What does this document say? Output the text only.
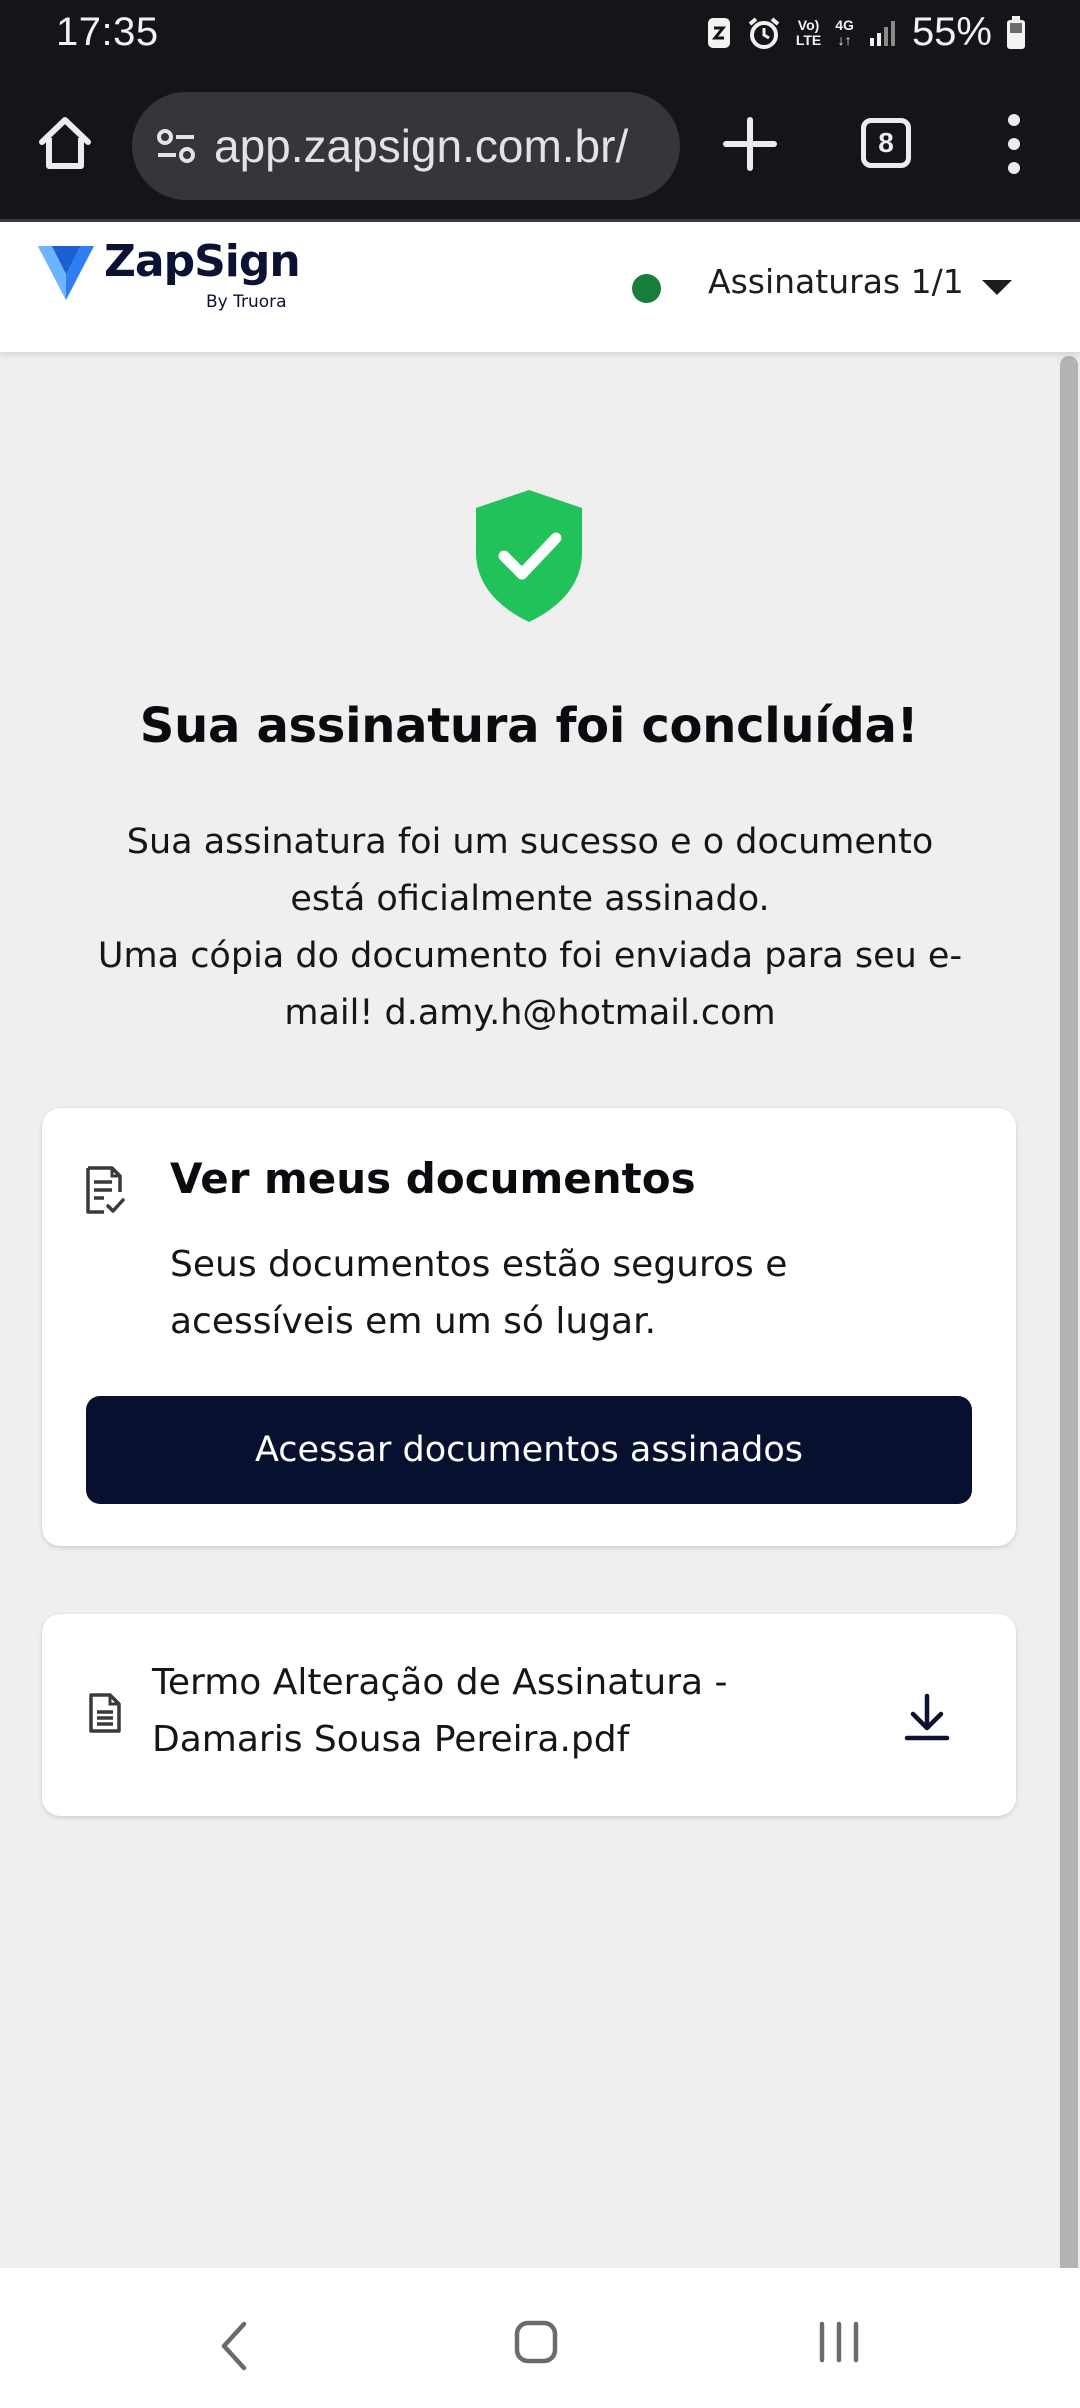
17:35	Vo)
LTE
4G
↓↑ 55%
app.zapsign.com.br/	8
ZapSign
By Truora
Assinaturas 1/1
Sua assinatura foi concluída!
Sua assinatura foi um sucesso e o documento
está oficialmente assinado.
Uma cópia do documento foi enviada para seu e-
mail! d.amy.h@hotmail.com
Ver meus documentos
Seus documentos estão seguros e
acessíveis em um só lugar.
Acessar documentos assinados
Termo Alteração de Assinatura -
Damaris Sousa Pereira.pdf
